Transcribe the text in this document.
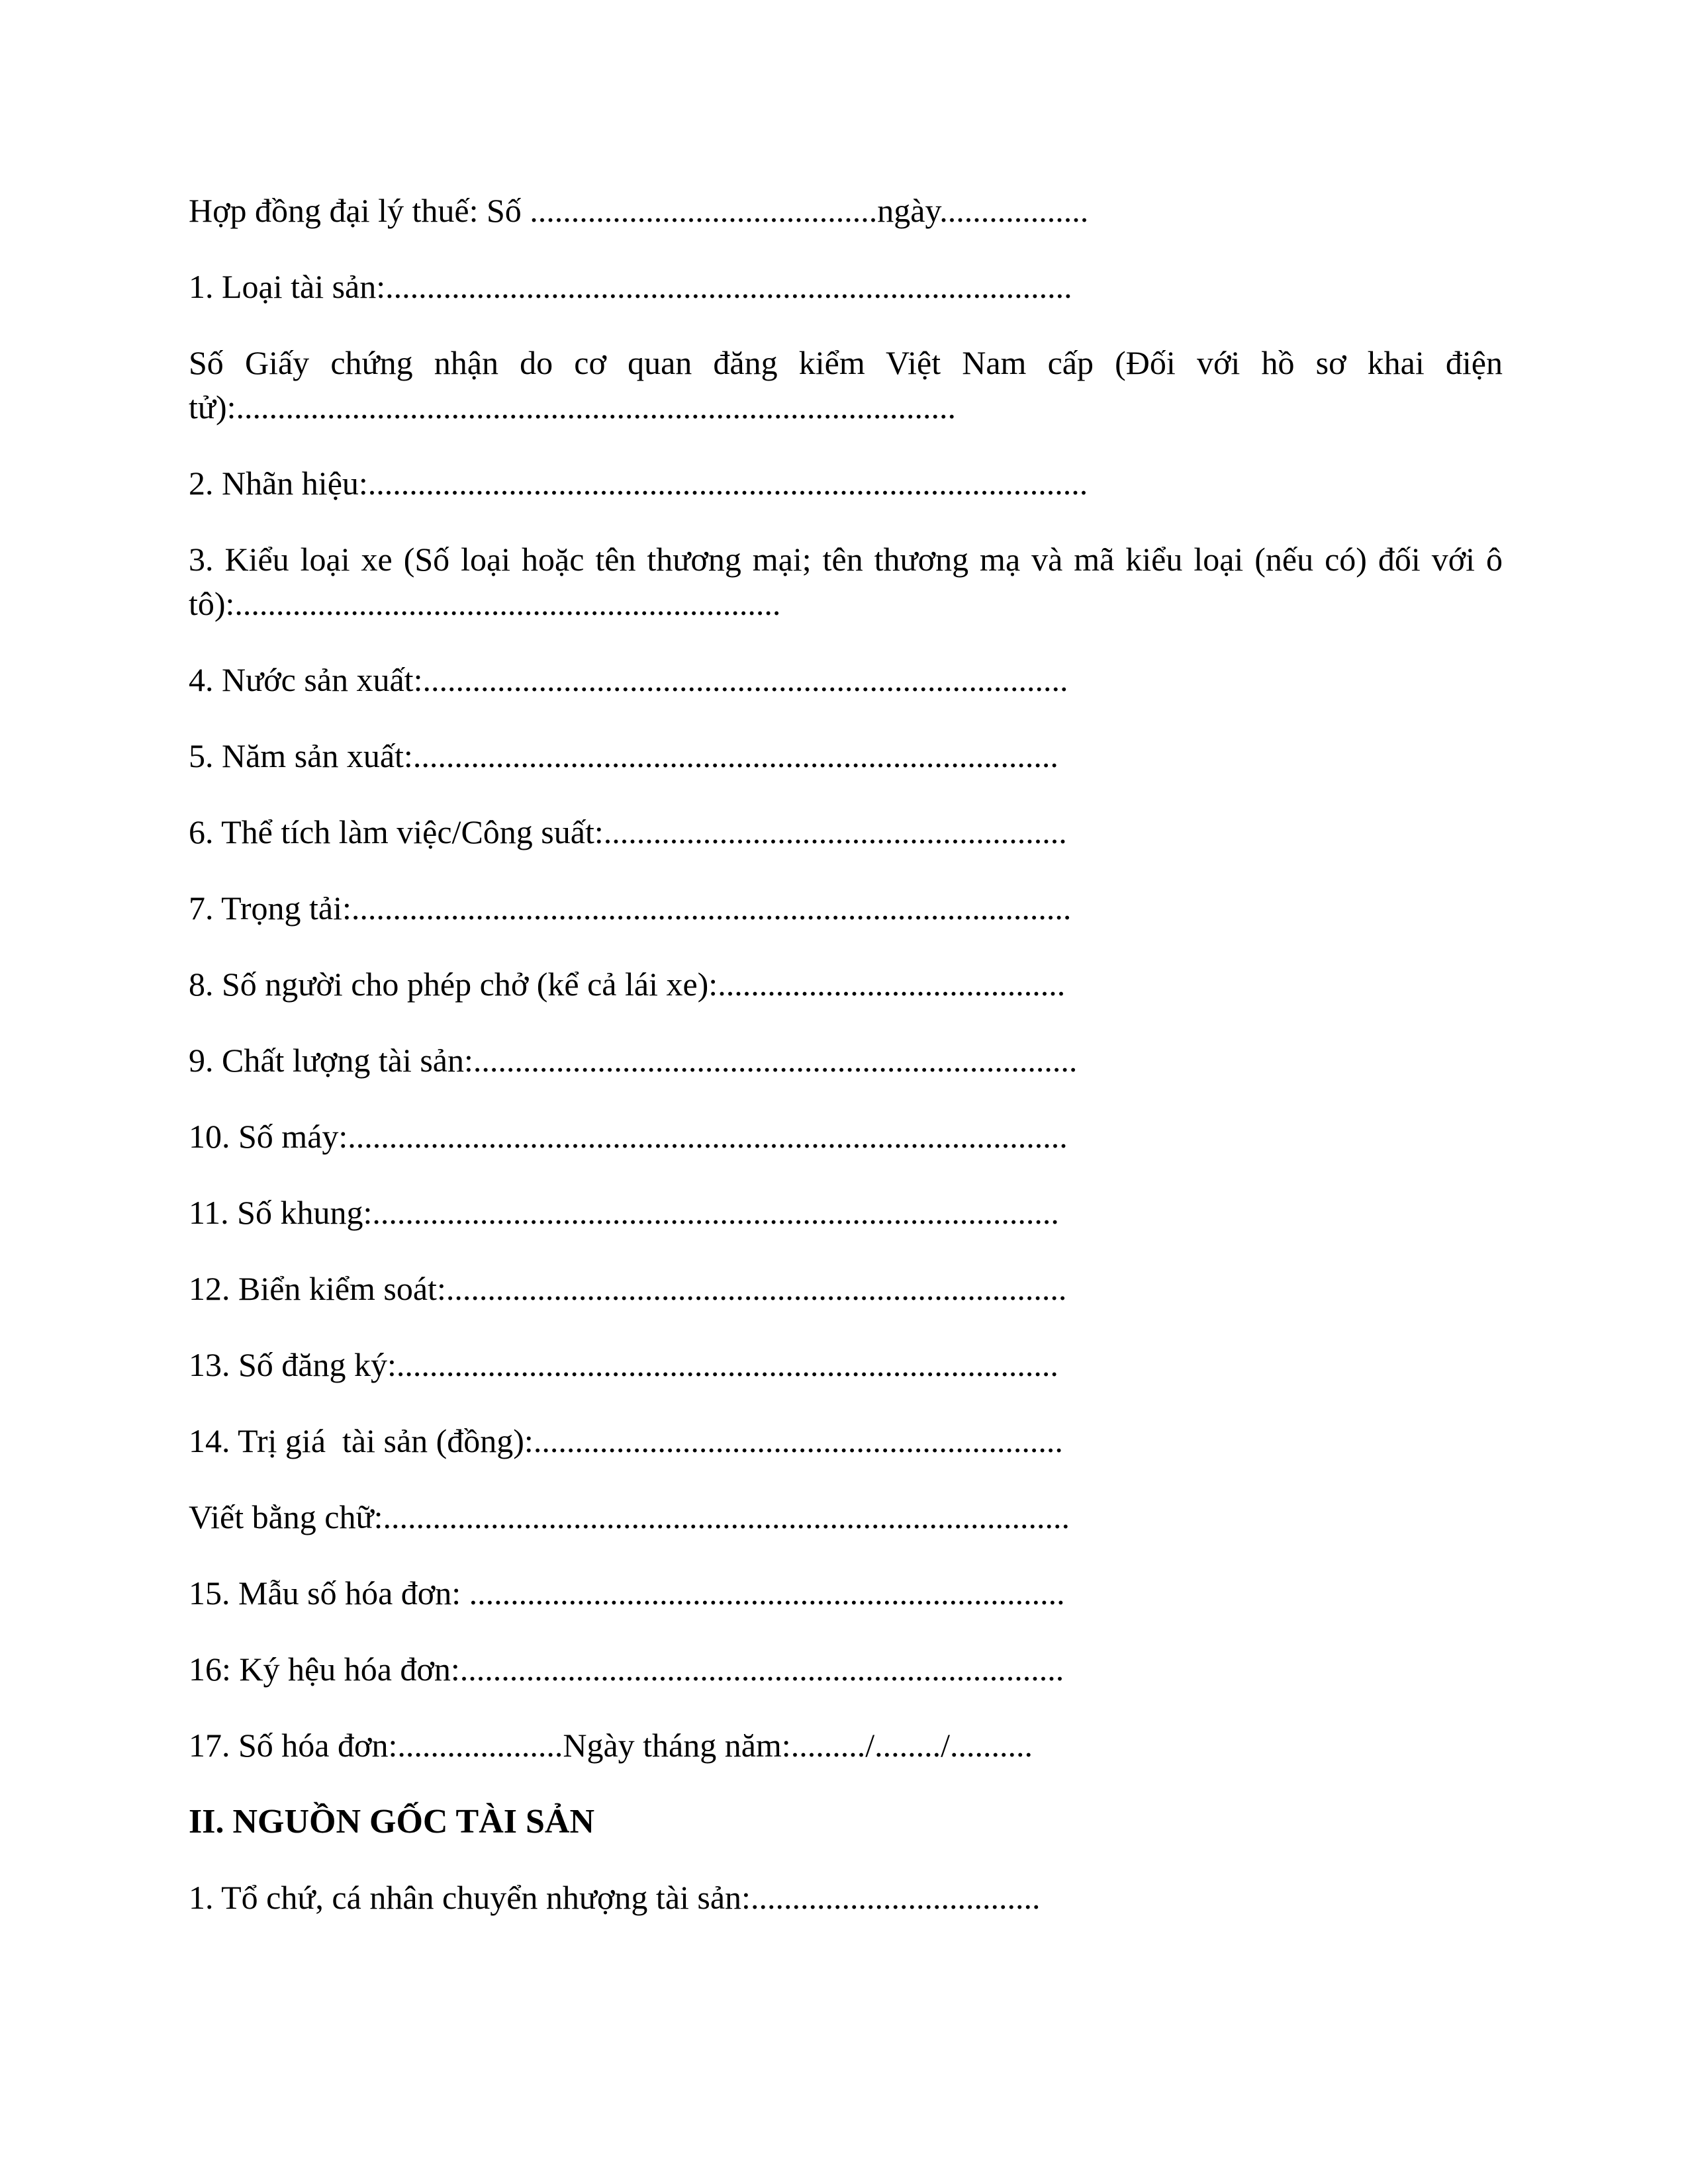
Hợp đồng đại lý thuế: Số ..........................................ngày..................

1. Loại tài sản:...................................................................................

Số Giấy chứng nhận do cơ quan đăng kiểm Việt Nam cấp (Đối với hồ sơ khai điện tử):.......................................................................................

2. Nhãn hiệu:.......................................................................................

3. Kiểu loại xe (Số loại hoặc tên thương mại; tên thương mạ và mã kiểu loại (nếu có) đối với ô tô):..................................................................

4. Nước sản xuất:..............................................................................

5. Năm sản xuất:..............................................................................

6. Thể tích làm việc/Công suất:........................................................

7. Trọng tải:.......................................................................................

8. Số người cho phép chở (kể cả lái xe):..........................................

9. Chất lượng tài sản:.........................................................................

10. Số máy:.......................................................................................

11. Số khung:...................................................................................

12. Biển kiểm soát:...........................................................................

13. Số đăng ký:................................................................................

14. Trị giá  tài sản (đồng):................................................................

Viết bằng chữ:...................................................................................

15. Mẫu số hóa đơn: ........................................................................

16: Ký hệu hóa đơn:.........................................................................

17. Số hóa đơn:....................Ngày tháng năm:........./......../..........

II. NGUỒN GỐC TÀI SẢN

1. Tổ chứ, cá nhân chuyển nhượng tài sản:...................................
